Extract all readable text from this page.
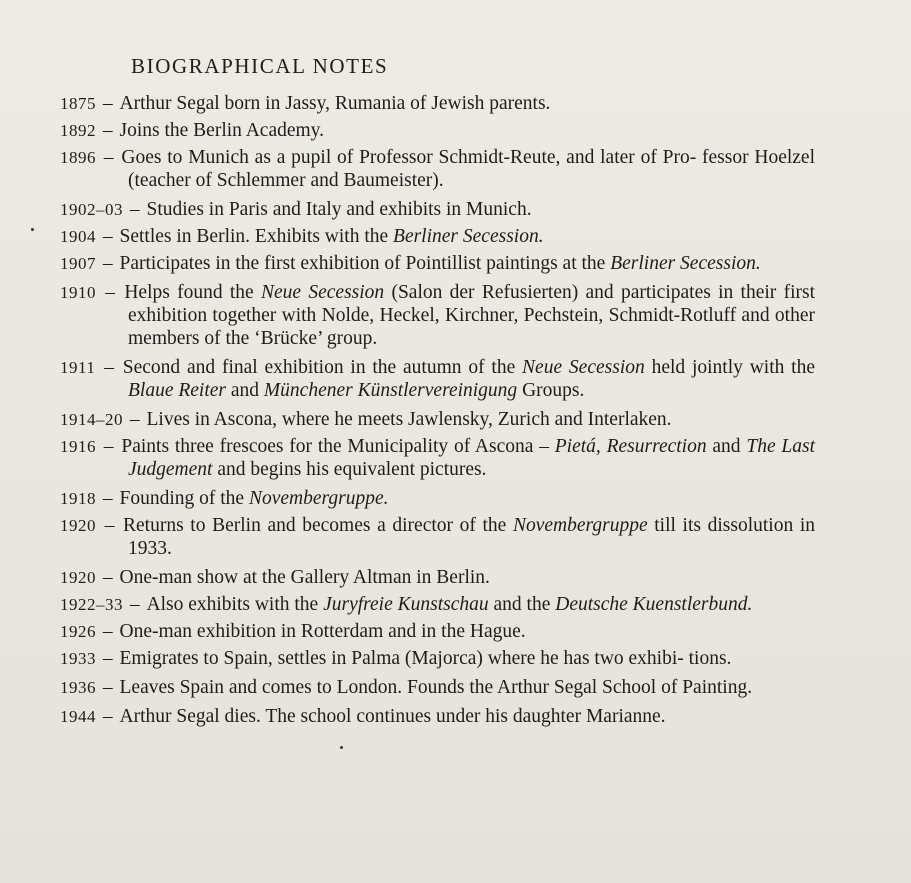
BIOGRAPHICAL NOTES
1875 – Arthur Segal born in Jassy, Rumania of Jewish parents.
1892 – Joins the Berlin Academy.
1896 – Goes to Munich as a pupil of Professor Schmidt-Reute, and later of Pro- fessor Hoelzel (teacher of Schlemmer and Baumeister).
1902–03 – Studies in Paris and Italy and exhibits in Munich.
1904 – Settles in Berlin. Exhibits with the Berliner Secession.
1907 – Participates in the first exhibition of Pointillist paintings at the Berliner Secession.
1910 – Helps found the Neue Secession (Salon der Refusierten) and participates in their first exhibition together with Nolde, Heckel, Kirchner, Pechstein, Schmidt-Rotluff and other members of the ‘Brücke’ group.
1911 – Second and final exhibition in the autumn of the Neue Secession held jointly with the Blaue Reiter and Münchener Künstlervereinigung Groups.
1914–20 – Lives in Ascona, where he meets Jawlensky, Zurich and Interlaken.
1916 – Paints three frescoes for the Municipality of Ascona – Pietá, Resurrection and The Last Judgement and begins his equivalent pictures.
1918 – Founding of the Novembergruppe.
1920 – Returns to Berlin and becomes a director of the Novembergruppe till its dissolution in 1933.
1920 – One-man show at the Gallery Altman in Berlin.
1922–33 – Also exhibits with the Juryfreie Kunstschau and the Deutsche Kuenstlerbund.
1926 – One-man exhibition in Rotterdam and in the Hague.
1933 – Emigrates to Spain, settles in Palma (Majorca) where he has two exhibi- tions.
1936 – Leaves Spain and comes to London. Founds the Arthur Segal School of Painting.
1944 – Arthur Segal dies. The school continues under his daughter Marianne.
